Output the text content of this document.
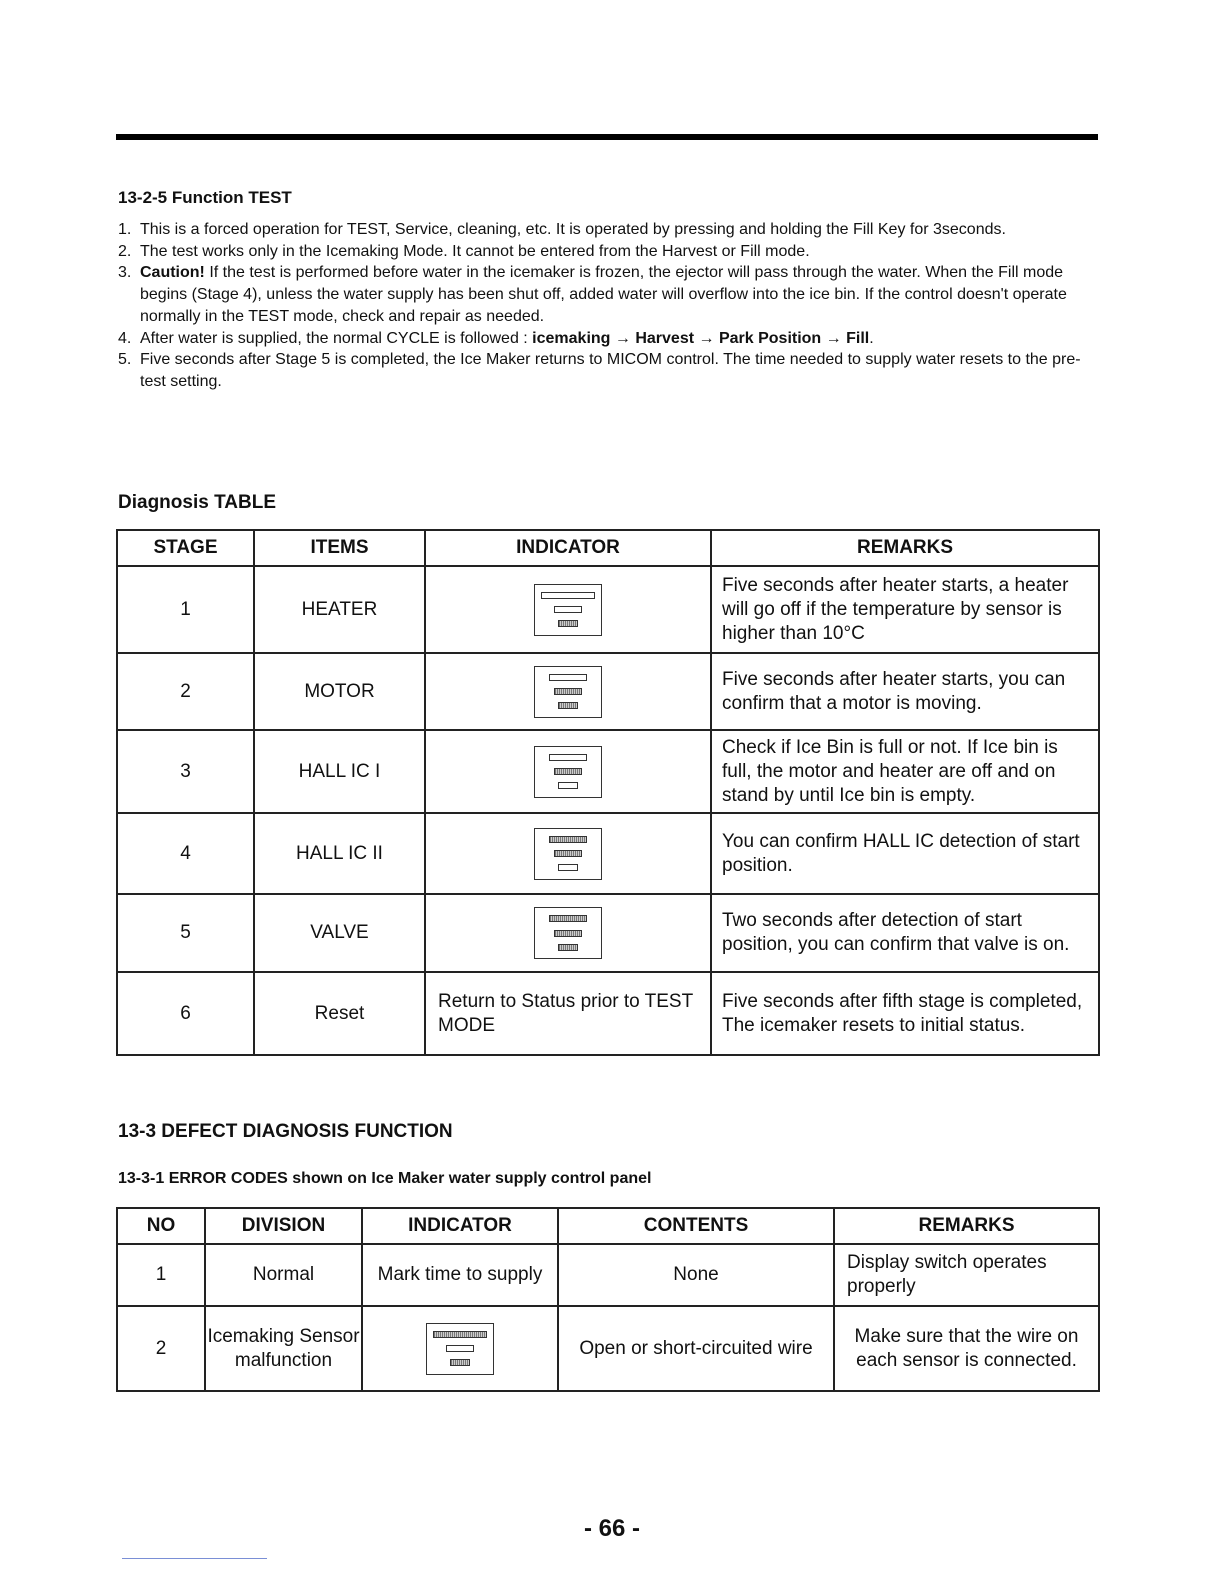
13-2-5 Function TEST
1. This is a forced operation for TEST, Service, cleaning, etc. It is operated by pressing and holding the Fill Key for 3seconds.
2. The test works only in the Icemaking Mode. It cannot be entered from the Harvest or Fill mode.
3. Caution! If the test is performed before water in the icemaker is frozen, the ejector will pass through the water. When the Fill mode begins (Stage 4), unless the water supply has been shut off, added water will overflow into the ice bin. If the control doesn't operate normally in the TEST mode, check and repair as needed.
4. After water is supplied, the normal CYCLE is followed : icemaking → Harvest → Park Position → Fill.
5. Five seconds after Stage 5 is completed, the Ice Maker returns to MICOM control. The time needed to supply water resets to the pre- test setting.
Diagnosis TABLE
STAGE	ITEMS	INDICATOR	REMARKS
1	HEATER		Five seconds after heater starts, a heater will go off if the temperature by sensor is higher than 10°C
2	MOTOR		Five seconds after heater starts, you can confirm that a motor is moving.
3	HALL IC I		Check if Ice Bin is full or not. If Ice bin is full, the motor and heater are off and on stand by until Ice bin is empty.
4	HALL IC II		You can confirm HALL IC detection of start position.
5	VALVE		Two seconds after detection of start position, you can confirm that valve is on.
6	Reset	Return to Status prior to TEST MODE	Five seconds after fifth stage is completed, The icemaker resets to initial status.
13-3 DEFECT DIAGNOSIS FUNCTION
13-3-1 ERROR CODES shown on Ice Maker water supply control panel
NO	DIVISION	INDICATOR	CONTENTS	REMARKS
1	Normal	Mark time to supply	None	Display switch operates properly
2	Icemaking Sensor malfunction		Open or short-circuited wire	Make sure that the wire on each sensor is connected.
- 66 -
